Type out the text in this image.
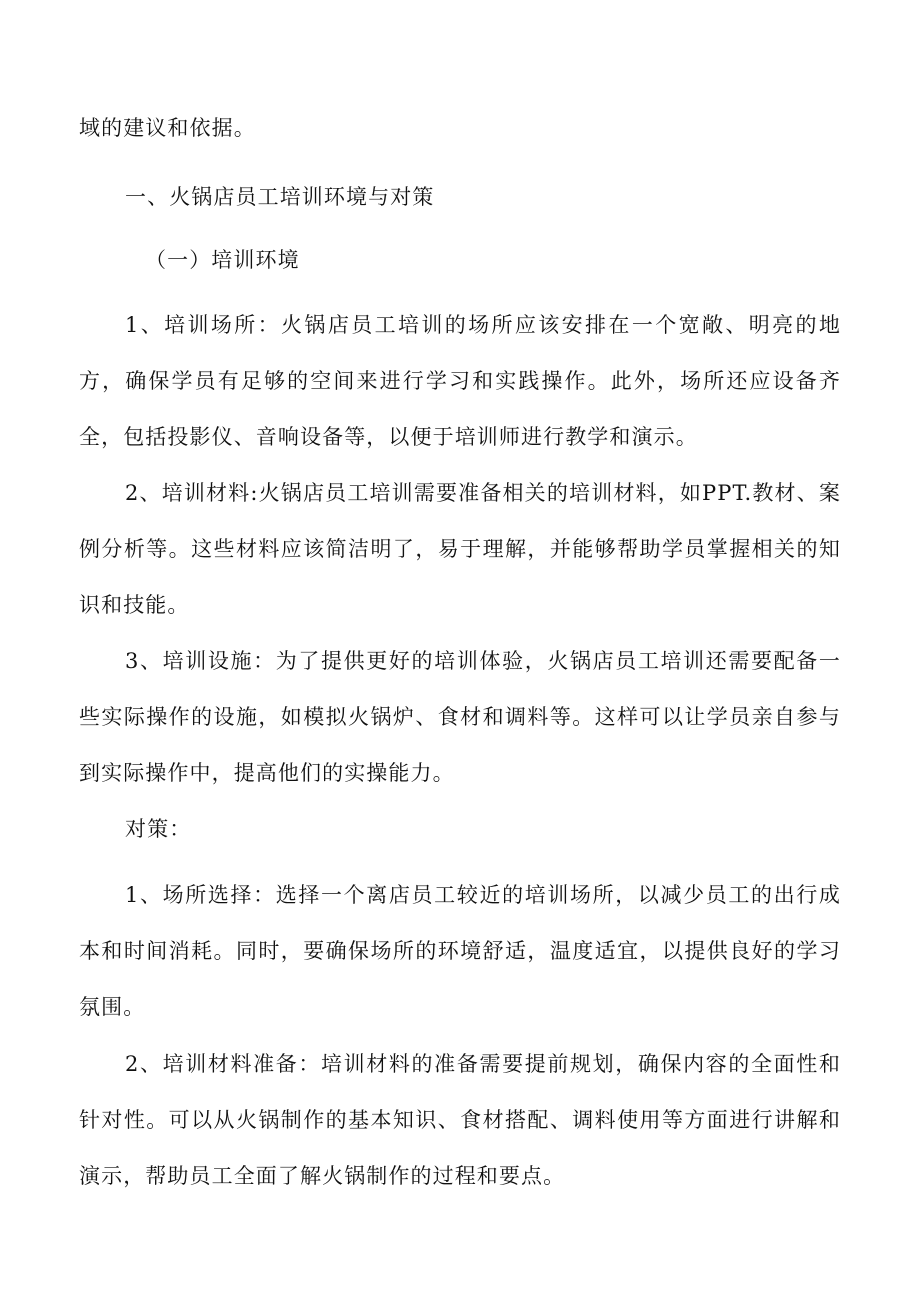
域的建议和依据。

一、火锅店员工培训环境与对策

（一）培训环境

1、培训场所：火锅店员工培训的场所应该安排在一个宽敞、明亮的地方，确保学员有足够的空间来进行学习和实践操作。此外，场所还应设备齐全，包括投影仪、音响设备等，以便于培训师进行教学和演示。

2、培训材料:火锅店员工培训需要准备相关的培训材料，如PPT.教材、案例分析等。这些材料应该简洁明了，易于理解，并能够帮助学员掌握相关的知识和技能。

3、培训设施：为了提供更好的培训体验，火锅店员工培训还需要配备一些实际操作的设施，如模拟火锅炉、食材和调料等。这样可以让学员亲自参与到实际操作中，提高他们的实操能力。

对策：

1、场所选择：选择一个离店员工较近的培训场所，以减少员工的出行成本和时间消耗。同时，要确保场所的环境舒适，温度适宜，以提供良好的学习氛围。

2、培训材料准备：培训材料的准备需要提前规划，确保内容的全面性和针对性。可以从火锅制作的基本知识、食材搭配、调料使用等方面进行讲解和演示，帮助员工全面了解火锅制作的过程和要点。
